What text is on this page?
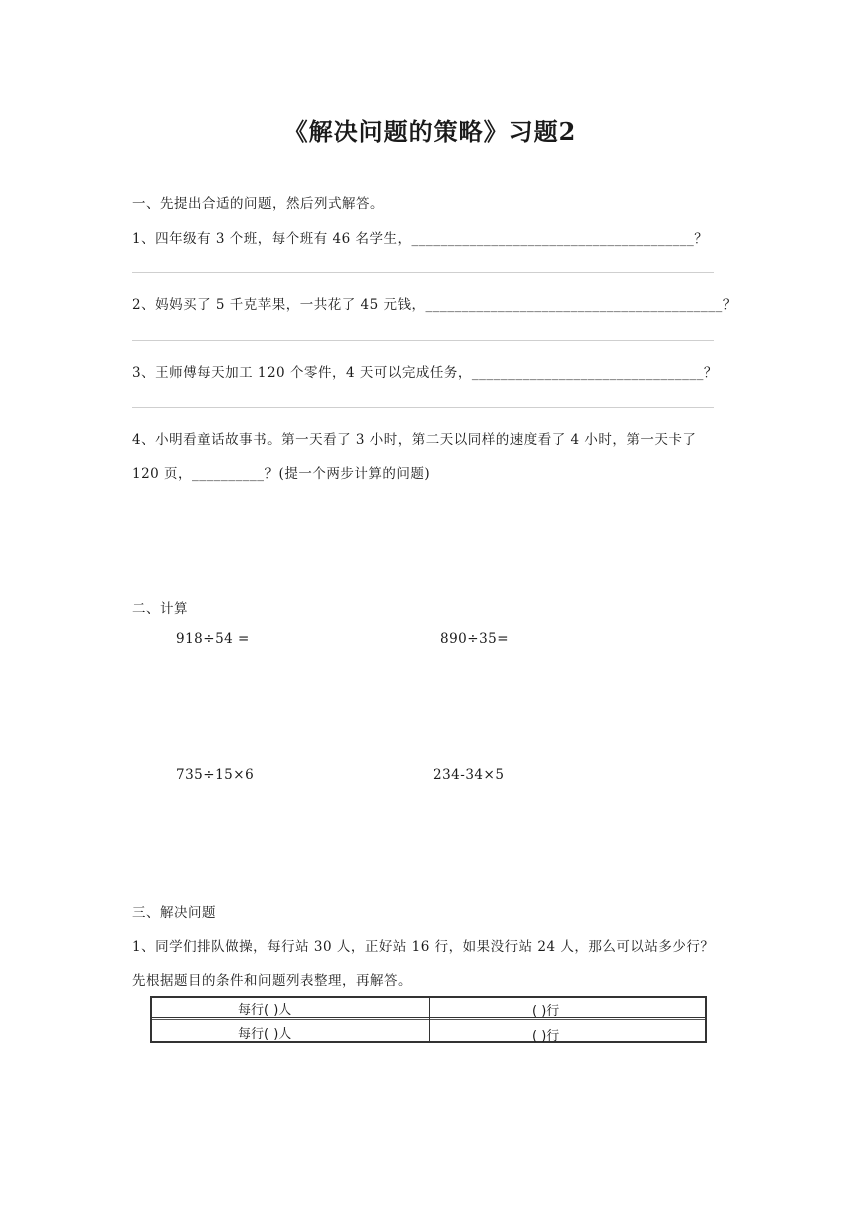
《解决问题的策略》习题2
一、先提出合适的问题，然后列式解答。
1、四年级有 3 个班，每个班有 46 名学生，_______________________________________？
2、妈妈买了 5 千克苹果，一共花了 45 元钱，_________________________________________？
3、王师傅每天加工 120 个零件，4 天可以完成任务，________________________________？
4、小明看童话故事书。第一天看了 3 小时，第二天以同样的速度看了 4 小时，第一天卡了
120 页，__________？(提一个两步计算的问题)
二、计算
918÷54 =	890÷35=
735÷15×6	234-34×5
三、解决问题
1、同学们排队做操，每行站 30 人，正好站 16 行，如果没行站 24 人，那么可以站多少行？
先根据题目的条件和问题列表整理，再解答。
每行( )人	( )行
每行( )人	( )行
